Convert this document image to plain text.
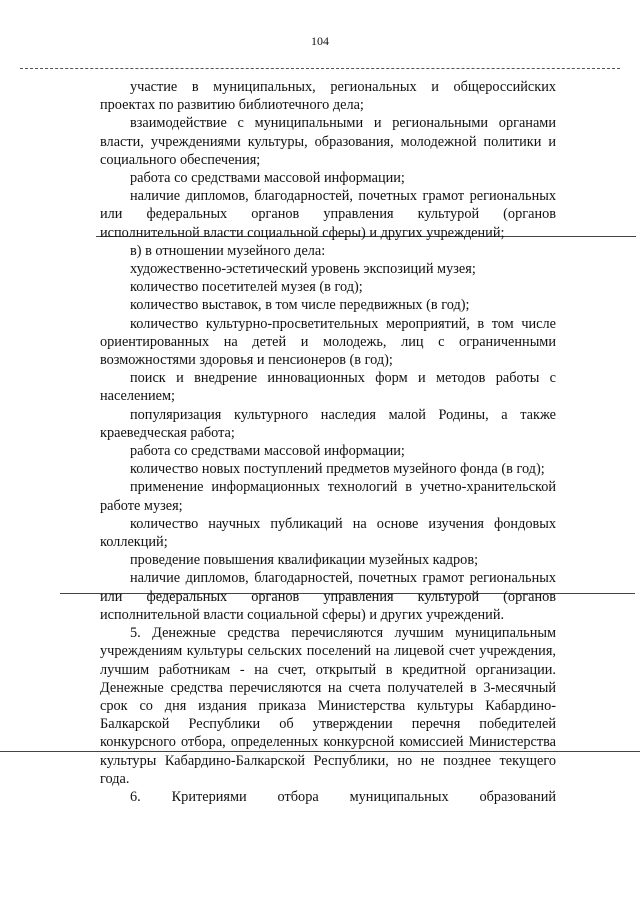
104

участие в муниципальных, региональных и общероссийских проектах по развитию библиотечного дела;

взаимодействие с муниципальными и региональными органами власти, учреждениями культуры, образования, молодежной политики и социального обеспечения;

работа со средствами массовой информации;

наличие дипломов, благодарностей, почетных грамот региональных или федеральных органов управления культурой (органов исполнительной власти социальной сферы) и других учреждений;

в) в отношении музейного дела:

художественно-эстетический уровень экспозиций музея;

количество посетителей музея (в год);

количество выставок, в том числе передвижных (в год);

количество культурно-просветительных мероприятий, в том числе ориентированных на детей и молодежь, лиц с ограниченными возможностями здоровья и пенсионеров (в год);

поиск и внедрение инновационных форм и методов работы с населением;

популяризация культурного наследия малой Родины, а также краеведческая работа;

работа со средствами массовой информации;

количество новых поступлений предметов музейного фонда (в год);

применение информационных технологий в учетно-хранительской работе музея;

количество научных публикаций на основе изучения фондовых коллекций;

проведение повышения квалификации музейных кадров;

наличие дипломов, благодарностей, почетных грамот региональных или федеральных органов управления культурой (органов исполнительной власти социальной сферы) и других учреждений.

5. Денежные средства перечисляются лучшим муниципальным учреждениям культуры сельских поселений на лицевой счет учреждения, лучшим работникам - на счет, открытый в кредитной организации. Денежные средства перечисляются на счета получателей в 3-месячный срок со дня издания приказа Министерства культуры Кабардино-Балкарской Республики об утверждении перечня победителей конкурсного отбора, определенных конкурсной комиссией Министерства культуры Кабардино-Балкарской Республики, но не позднее текущего года.

6. Критериями отбора муниципальных образований
